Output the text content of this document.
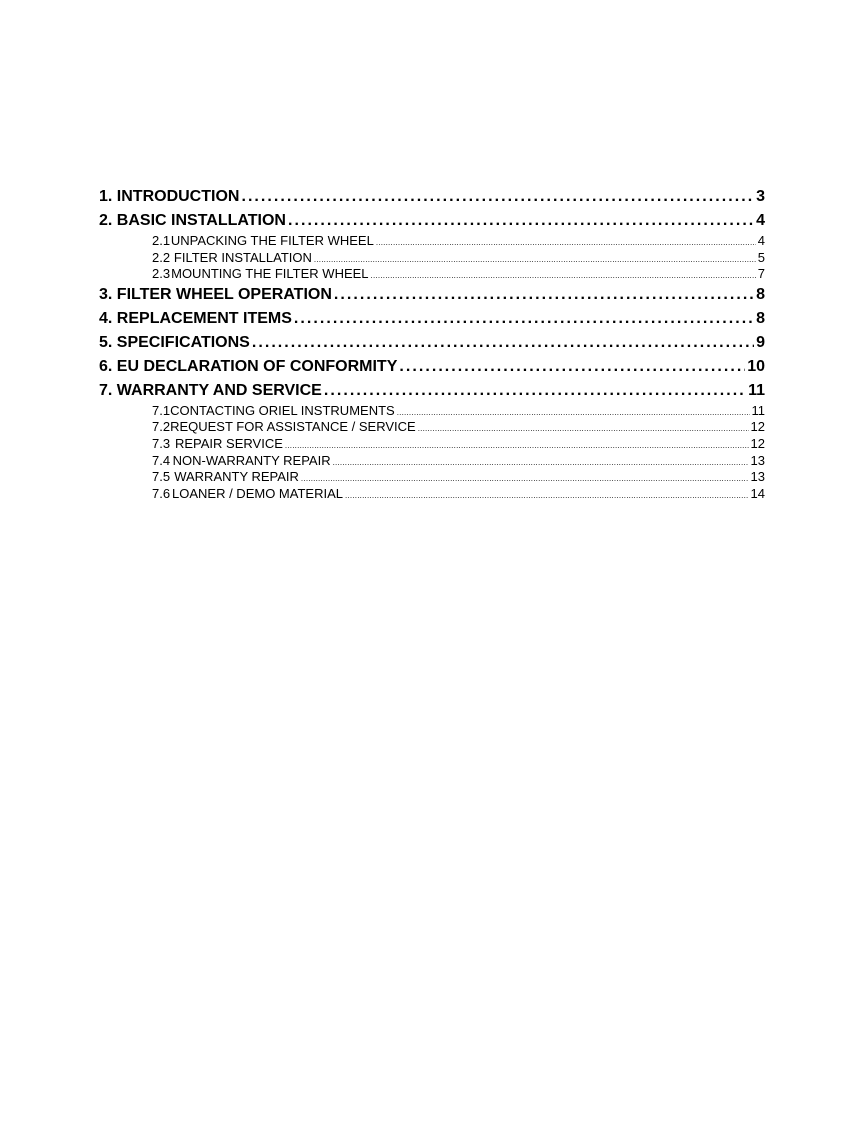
1. INTRODUCTION . . .	3
2. BASIC INSTALLATION . . .	4
2.1 UNPACKING THE FILTER WHEEL . . .	4
2.2 FILTER INSTALLATION . . .	5
2.3 MOUNTING THE FILTER WHEEL . . .	7
3. FILTER WHEEL OPERATION . . .	8
4. REPLACEMENT ITEMS . . .	8
5. SPECIFICATIONS . . .	9
6. EU DECLARATION OF CONFORMITY . . .	10
7. WARRANTY AND SERVICE . . .	11
7.1 CONTACTING ORIEL INSTRUMENTS . . .	11
7.2 REQUEST FOR ASSISTANCE / SERVICE . . .	12
7.3 REPAIR SERVICE . . .	12
7.4 NON-WARRANTY REPAIR . . .	13
7.5 WARRANTY REPAIR . . .	13
7.6 LOANER / DEMO MATERIAL . . .	14
